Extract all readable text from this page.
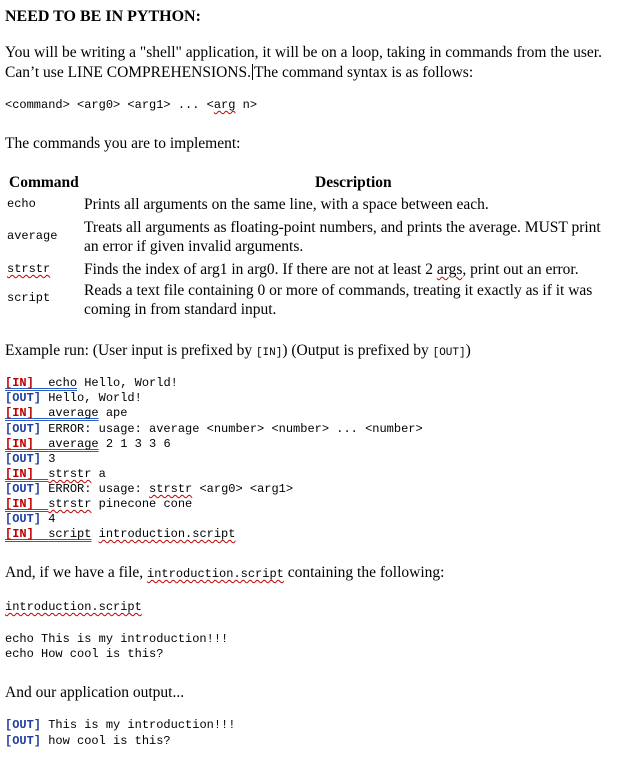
NEED TO BE IN PYTHON:
You will be writing a "shell" application, it will be on a loop, taking in commands from the user.
Can’t use LINE COMPREHENSIONS. The command syntax is as follows:
<command> <arg0> <arg1> ... <arg n>
The commands you are to implement:
Command	Description
echo	Prints all arguments on the same line, with a space between each.
average Treats all arguments as floating-point numbers, and prints the average. MUST print
an error if given invalid arguments.
strstr Finds the index of arg1 in arg0. If there are not at least 2 args, print out an error.
script Reads a text file containing 0 or more of commands, treating it exactly as if it was
coming in from standard input.
Example run: (User input is prefixed by [IN]) (Output is prefixed by [OUT])
[IN] echo Hello, World!
[OUT] Hello, World!
[IN] average ape
[OUT] ERROR: usage: average <number> <number> ... <number>
[IN] average 2 1 3 3 6
[OUT] 3
[IN] strstr a
[OUT] ERROR: usage: strstr <arg0> <arg1>
[IN] strstr pinecone cone
[OUT] 4
[IN] script introduction.script
And, if we have a file, introduction.script containing the following:
introduction.script
echo This is my introduction!!!
echo How cool is this?
And our application output...
[OUT] This is my introduction!!!
[OUT] how cool is this?
